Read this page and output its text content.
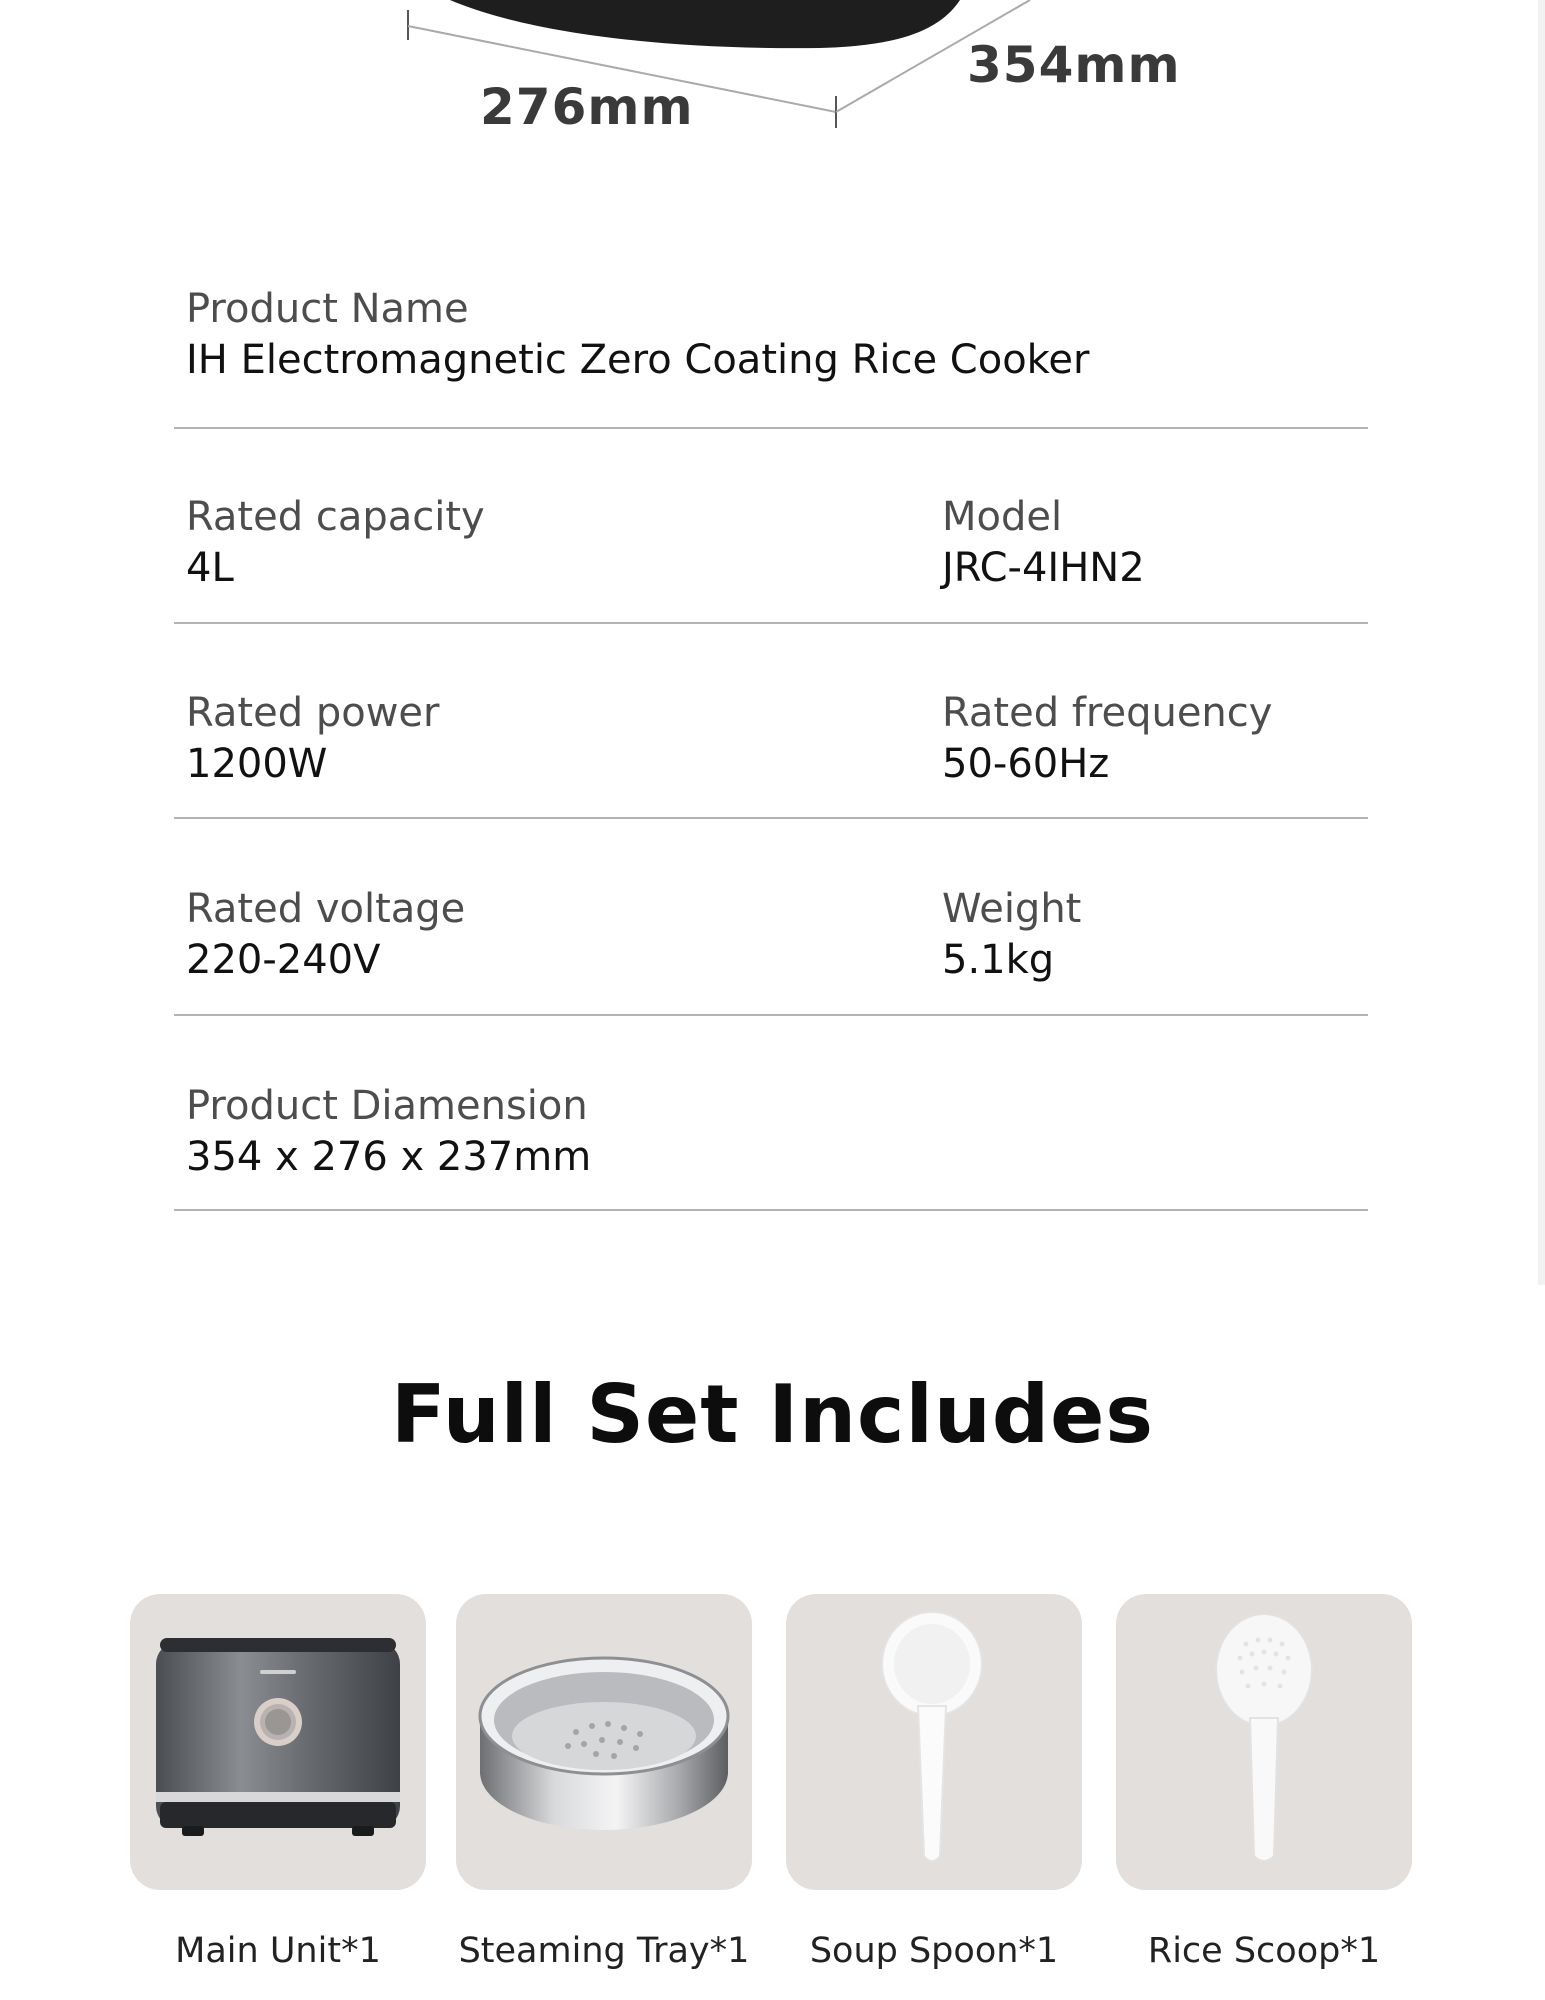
354mm
276mm
Product Name
IH Electromagnetic Zero Coating Rice Cooker
Rated capacity
4L
Model
JRC-4IHN2
Rated power
1200W
Rated frequency
50-60Hz
Rated voltage
220-240V
Weight
5.1kg
Product Diamension
354 x 276 x 237mm
Full Set Includes
Main Unit*1	Steaming Tray*1	Soup Spoon*1	Rice Scoop*1
